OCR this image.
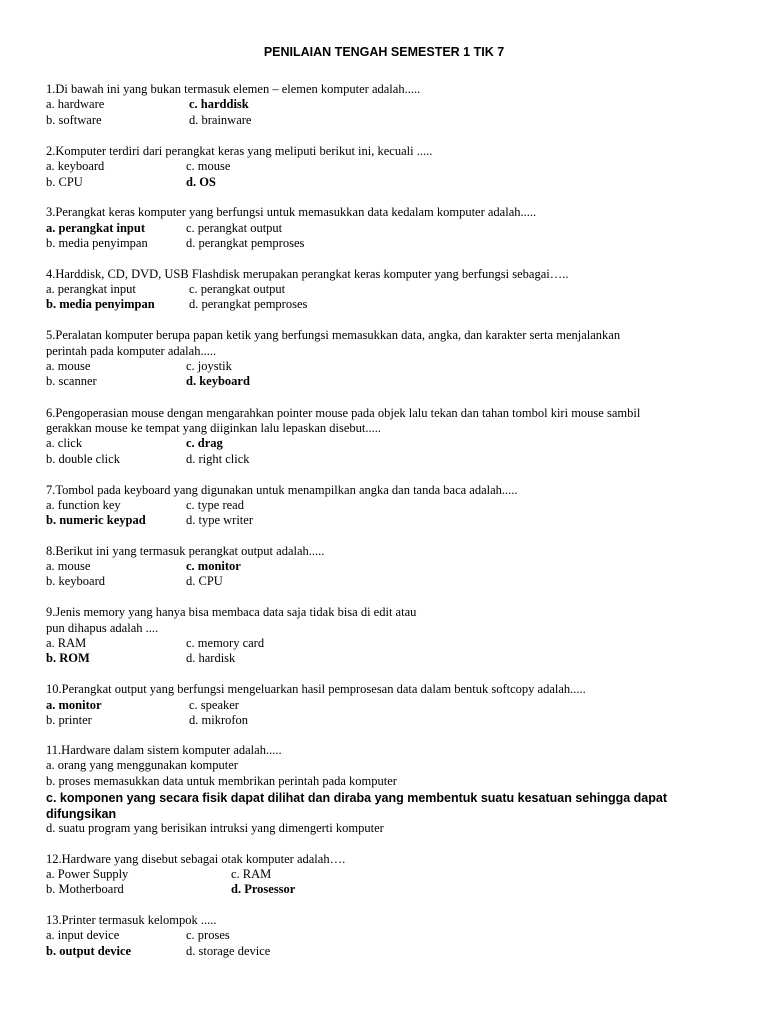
PENILAIAN TENGAH SEMESTER 1 TIK 7
1.Di bawah ini yang bukan termasuk elemen – elemen komputer adalah.....
a. hardware	c. harddisk
b. software	d. brainware
2.Komputer terdiri dari perangkat keras yang meliputi berikut ini, kecuali .....
a. keyboard	c. mouse
b. CPU	d. OS
3.Perangkat keras komputer yang berfungsi untuk memasukkan data kedalam komputer adalah.....
a. perangkat input	c. perangkat output
b. media penyimpan	d. perangkat pemproses
4.Harddisk, CD, DVD, USB Flashdisk merupakan perangkat keras komputer yang berfungsi sebagai…..
a. perangkat input	c. perangkat output
b. media penyimpan	d. perangkat pemproses
5.Peralatan komputer berupa papan ketik yang berfungsi memasukkan data, angka, dan karakter serta menjalankan
perintah pada komputer adalah.....
a. mouse	c. joystik
b. scanner	d. keyboard
6.Pengoperasian mouse dengan mengarahkan pointer mouse pada objek lalu tekan dan tahan tombol kiri mouse sambil
gerakkan mouse ke tempat yang diiginkan lalu lepaskan disebut.....
a. click	c. drag
b. double click	d. right click
7.Tombol pada keyboard yang digunakan untuk menampilkan angka dan tanda baca adalah.....
a. function key	c. type read
b. numeric keypad	d. type writer
8.Berikut ini yang termasuk perangkat output adalah.....
a. mouse	c. monitor
b. keyboard	d. CPU
9.Jenis memory yang hanya bisa membaca data saja tidak bisa di edit atau
pun dihapus adalah ....
a. RAM	c. memory card
b. ROM	d. hardisk
10.Perangkat output yang berfungsi mengeluarkan hasil pemprosesan data dalam bentuk softcopy adalah.....
a. monitor	c. speaker
b. printer	d. mikrofon
11.Hardware dalam sistem komputer adalah.....
a. orang yang menggunakan komputer
b. proses memasukkan data untuk membrikan perintah pada komputer
c. komponen yang secara fisik dapat dilihat dan diraba yang membentuk suatu kesatuan sehingga dapat difungsikan
d. suatu program yang berisikan intruksi yang dimengerti komputer
12.Hardware yang disebut sebagai otak komputer adalah….
a. Power Supply	c. RAM
b. Motherboard	d. Prosessor
13.Printer termasuk kelompok .....
a. input device	c. proses
b. output device	d. storage device
